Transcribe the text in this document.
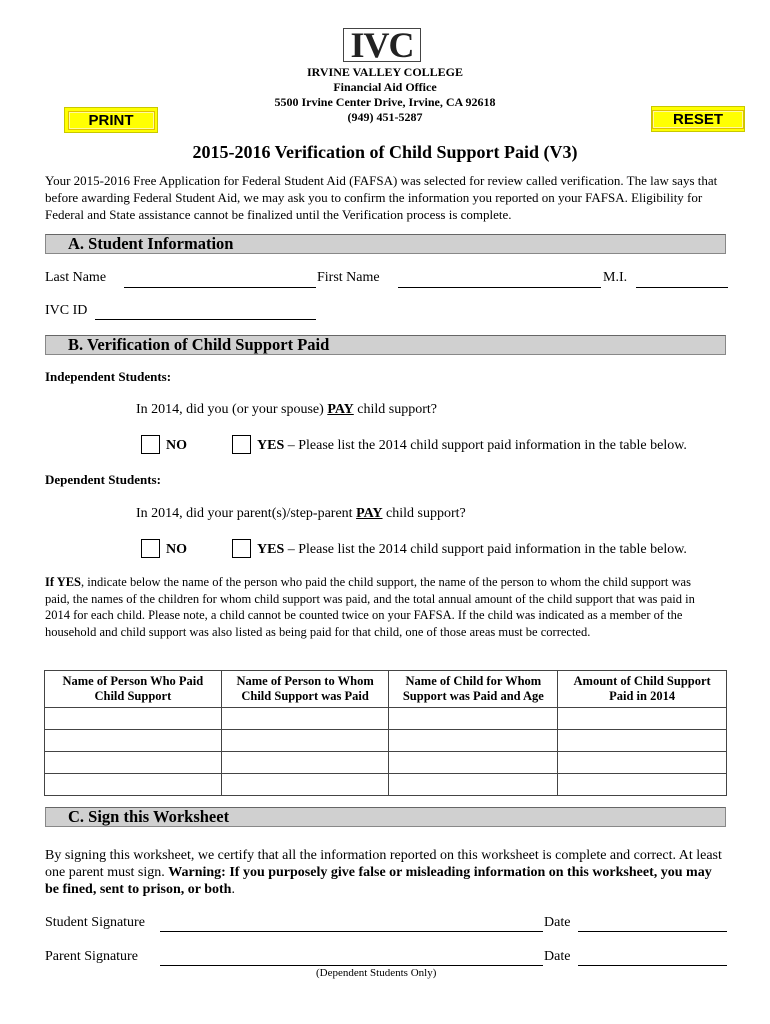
IVC
IRVINE VALLEY COLLEGE
Financial Aid Office
5500 Irvine Center Drive, Irvine, CA 92618
(949) 451-5287
PRINT	RESET
2015-2016 Verification of Child Support Paid (V3)
Your 2015-2016 Free Application for Federal Student Aid (FAFSA) was selected for review called verification. The law says that before awarding Federal Student Aid, we may ask you to confirm the information you reported on your FAFSA. Eligibility for Federal and State assistance cannot be finalized until the Verification process is complete.
A. Student Information
Last Name	First Name	M.I.
IVC ID
B. Verification of Child Support Paid
Independent Students:
In 2014, did you (or your spouse) PAY child support?
NO	YES – Please list the 2014 child support paid information in the table below.
Dependent Students:
In 2014, did your parent(s)/step-parent PAY child support?
NO	YES – Please list the 2014 child support paid information in the table below.
If YES, indicate below the name of the person who paid the child support, the name of the person to whom the child support was paid, the names of the children for whom child support was paid, and the total annual amount of the child support that was paid in 2014 for each child. Please note, a child cannot be counted twice on your FAFSA. If the child was indicated as a member of the household and child support was also listed as being paid for that child, one of those areas must be corrected.
Name of Person Who Paid Child Support	Name of Person to Whom Child Support was Paid	Name of Child for Whom Support was Paid and Age	Amount of Child Support Paid in 2014

C. Sign this Worksheet
By signing this worksheet, we certify that all the information reported on this worksheet is complete and correct. At least one parent must sign. Warning: If you purposely give false or misleading information on this worksheet, you may be fined, sent to prison, or both.
Student Signature	Date
Parent Signature	Date
(Dependent Students Only)
